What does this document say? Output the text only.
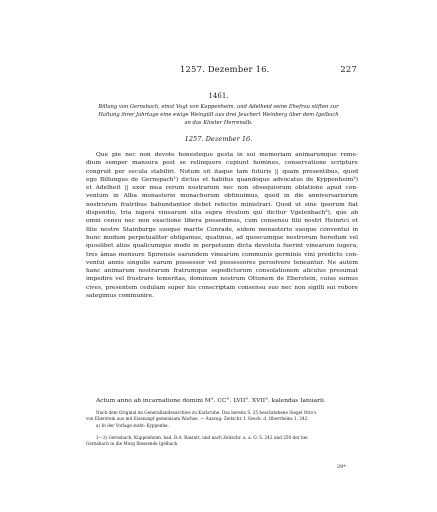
1257. Dezember 16.	227
1461.
Billung von Gernsbach, einst Vogt von Kuppenheim, und Adelheid seine Ehefrau stiften zur
Haltung ihrer Jahrtage eine ewige Weingült aus drei Jeuchert Weinberg über dem Igelbach
an das Kloster Herrenalb.
1257. Dezember 16.
Que pie nec non devote honesteque gesta in sui memoriam animarumque reme-
dium semper mansura post se relinquere cupiunt homines, conservatione scripture
congruit per secula stabiliri. Notum sit itaque tam futuris || quam presentibus, quod
ego Billungus de Gernspach¹) dictus et habitus quandoque advocatus de Kyppenheim²)
et Adelheit || uxor mea rerum nostrarum nec non obsequiorum oblatione apud con-
ventum in Alba monasterio monachorum obtinuimus, quod in die anniversariorum
nostrorum fratribus habundantior debet refectio ministrari. Quod ut sine ipsorum fiat
dispendio, tria iugera vinearum sita supra rivulum qui dicitur Vgelenbach³), que ab
omni censu nec non exactione libera possedimus, cum consensu filii nostri Heinrici et
filie nostre Stainburge suoque marite Conrade, eidem monasterio suoque conventui in
hunc modum perpetualiter obligamus, quatinus, ad quoscumque nostrorum heredum vel
quoslibet alios qualicumque modo in perpetuum dicta devoluta fuerint vinearum iugera,
tres âmas mensure Spirensis earundem vinearum communis germinis vini predicto con-
ventui annis singulis earum possessor vel possessores persolvere teneantur. Ne autem
hanc animarum nostrarum fratrumque sepedictorum consolationem aliculus presumat
impedire vel frustrare temeritas, dominum nostrum Ottonem de Eberstein, cuius sumus
cives, presentem cedulam super his conscriptam consensu suo nec non sigilli sui robore
sategimus communire.
Actum anno ab incarnatione domini M°. CC°. LVII°. XVII°. kalendas Ianuarii.
Nach dem Original im Generallandesarchive zu Karlsruhe. Das bereits S. 25 beschriebene Siegel Otto's
von Eberstein aus mit Eisenzapf gemeinsam Wachse. — Auszug: Zeitschr. f. Gesch. d. Oberrheins 1, 242.
a) In der Vorlage steht: Kyppenhe.
1—3) Gernsbach, Kuppenheim, bad. B.A. Rastatt, und nach Zeitschr. a. a. O. S. 242 und 250 der bei
Gernsbach in die Murg fliessende Igelbach.
29*
